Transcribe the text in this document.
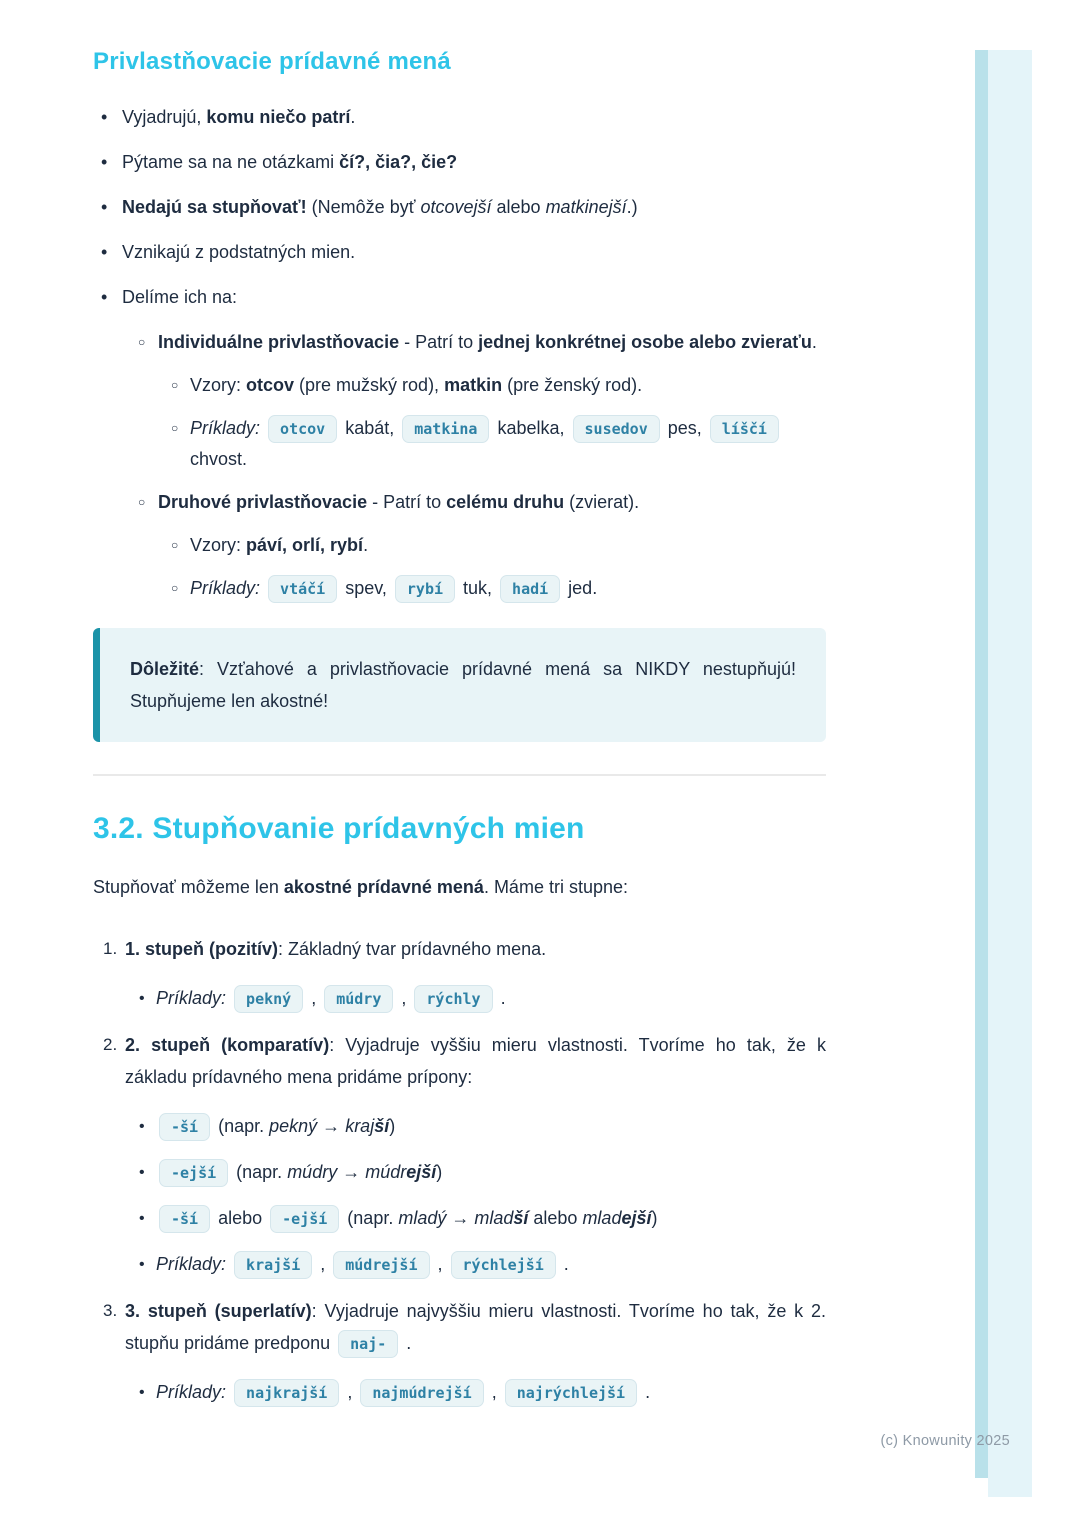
Privlastňovacie prídavné mená
• Vyjadrujú, komu niečo patrí.
• Pýtame sa na ne otázkami čí?, čia?, čie?
• Nedajú sa stupňovať! (Nemôže byť otcovejší alebo matkinejší.)
• Vznikajú z podstatných mien.
• Delíme ich na:
○ Individuálne privlastňovacie - Patrí to jednej konkrétnej osobe alebo zvieraťu.
○ Vzory: otcov (pre mužský rod), matkin (pre ženský rod).
○ Príklady: otcov kabát, matkina kabelka, susedov pes, líščí chvost.
○ Druhové privlastňovacie - Patrí to celému druhu (zvierat).
○ Vzory: páví, orlí, rybí.
○ Príklady: vtáčí spev, rybí tuk, hadí jed.

Dôležité: Vzťahové a privlastňovacie prídavné mená sa NIKDY nestupňujú! Stupňujeme len akostné!

3.2. Stupňovanie prídavných mien

Stupňovať môžeme len akostné prídavné mená. Máme tri stupne:

1. 1. stupeň (pozitív): Základný tvar prídavného mena.
• Príklady: pekný , múdry , rýchly .
2. 2. stupeň (komparatív): Vyjadruje vyššiu mieru vlastnosti. Tvoríme ho tak, že k základu prídavného mena pridáme prípony:
•	-ší (napr. pekný → krajší)
•	-ejší (napr. múdry → múdrejší)
•	-ší alebo -ejší (napr. mladý → mladší alebo mladejší)
• Príklady: krajší , múdrejší , rýchlejší .
3. 3. stupeň (superlatív): Vyjadruje najvyššiu mieru vlastnosti. Tvoríme ho tak, že k 2. stupňu pridáme predponu naj- .
• Príklady: najkrajší , najmúdrejší , najrýchlejší .
(c) Knowunity 2025
